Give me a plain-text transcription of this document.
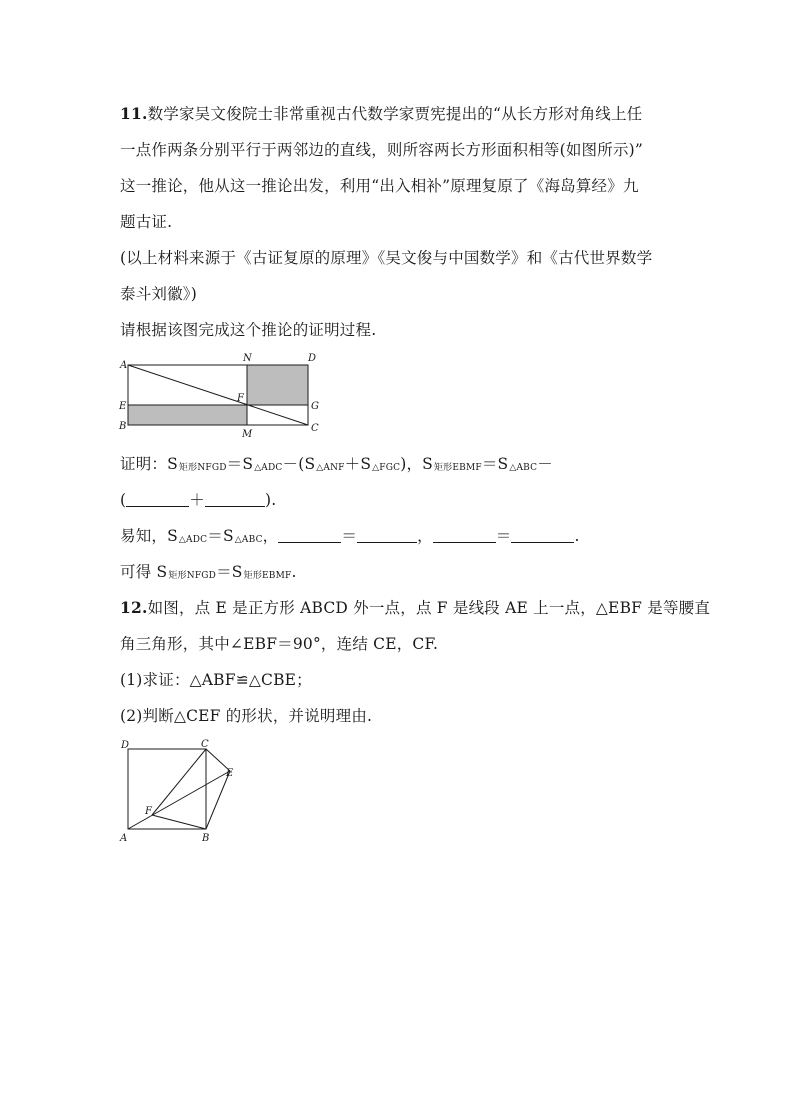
11.数学家吴文俊院士非常重视古代数学家贾宪提出的“从长方形对角线上任
一点作两条分别平行于两邻边的直线，则所容两长方形面积相等(如图所示)”
这一推论，他从这一推论出发，利用“出入相补”原理复原了《海岛算经》九
题古证.
(以上材料来源于《古证复原的原理》《吴文俊与中国数学》和《古代世界数学
泰斗刘徽》)
请根据该图完成这个推论的证明过程.
A
N	D
E
F
G
B
M
C
证明：S矩形NFGD＝S△ADC－(S△ANF＋S△FGC)，S矩形EBMF＝S△ABC－
(	＋	).
易知，S△ADC＝S△ABC，	＝	，	＝	.
可得 S矩形NFGD＝S矩形EBMF.
12.如图，点 E 是正方形 ABCD 外一点，点 F 是线段 AE 上一点，△EBF 是等腰直
角三角形，其中∠EBF＝90°，连结 CE，CF.
(1)求证：△ABF≌△CBE；
(2)判断△CEF 的形状，并说明理由.
D	C
E
F
A	B
